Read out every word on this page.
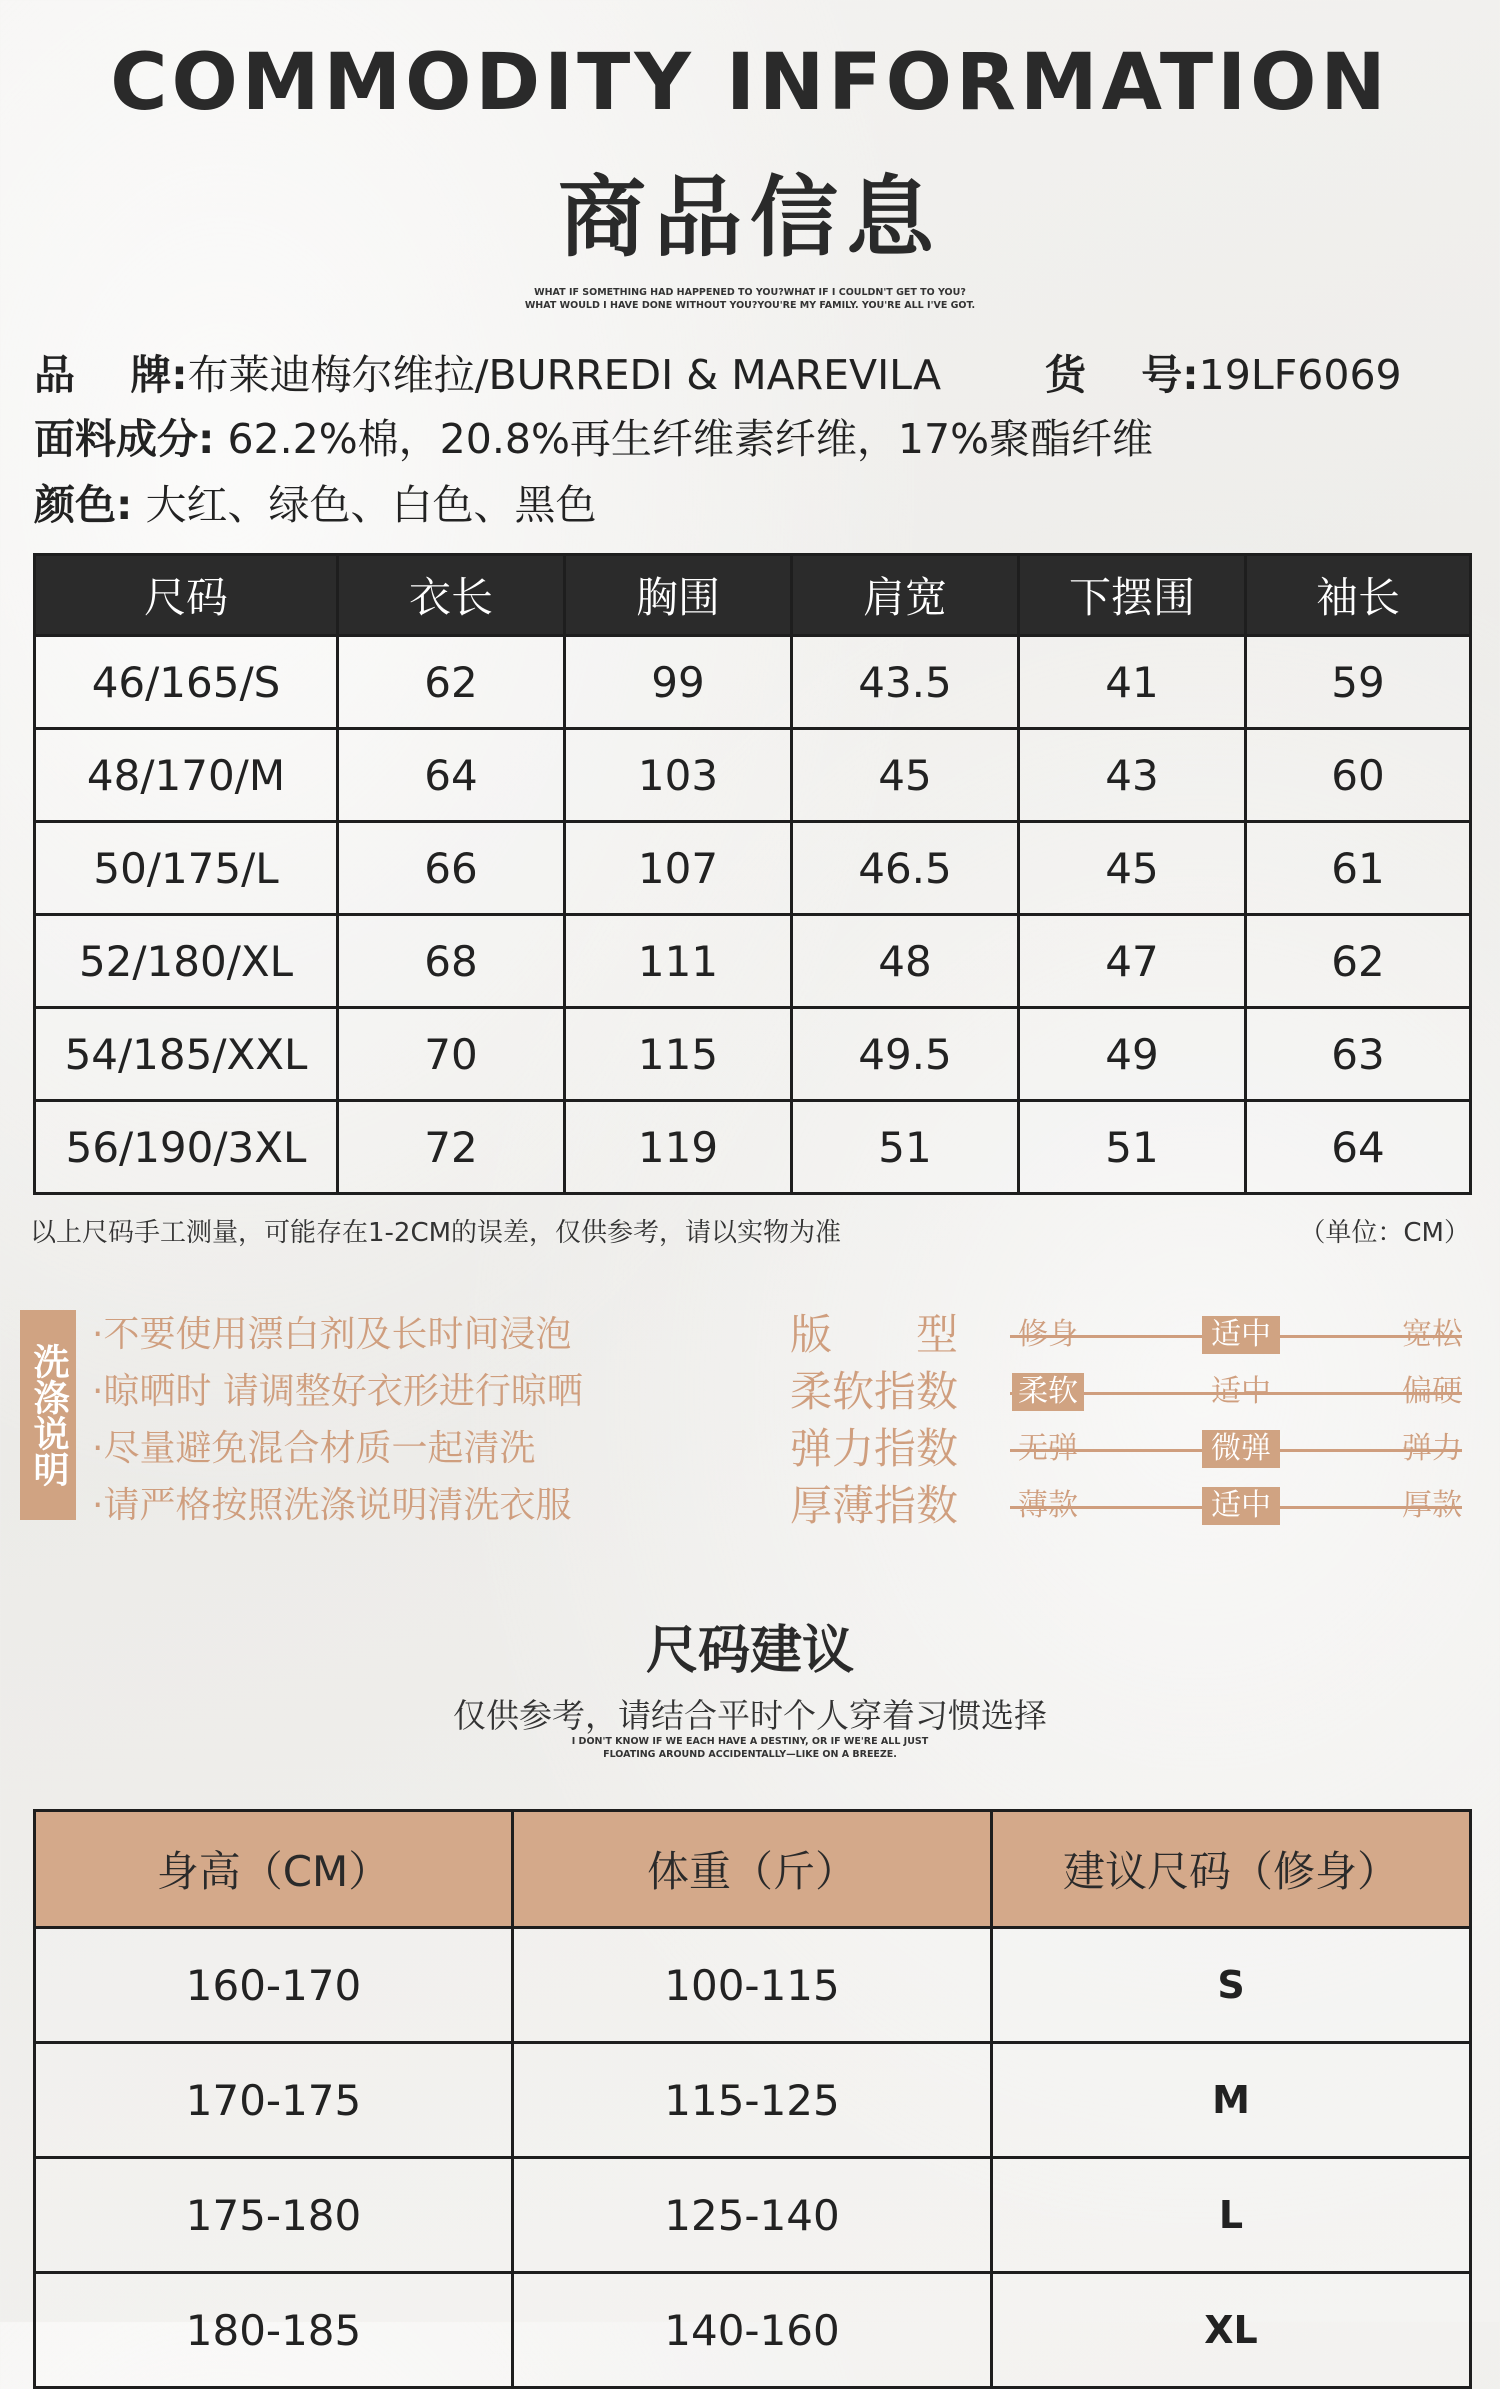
COMMODITY INFORMATION
商品信息
WHAT IF SOMETHING HAD HAPPENED TO YOU?WHAT IF I COULDN'T GET TO YOU?
WHAT WOULD I HAVE DONE WITHOUT YOU?YOU'RE MY FAMILY. YOU'RE ALL I'VE GOT.
品　 牌:布莱迪梅尔维拉/BURREDI & MAREVILA	货　 号:19LF6069
面料成分: 62.2%棉，20.8%再生纤维素纤维，17%聚酯纤维
颜色: 大红、绿色、白色、黑色
尺码	衣长	胸围	肩宽	下摆围	袖长
46/165/S	62	99	43.5	41	59
48/170/M	64	103	45	43	60
50/175/L	66	107	46.5	45	61
52/180/XL	68	111	48	47	62
54/185/XXL	70	115	49.5	49	63
56/190/3XL	72	119	51	51	64
以上尺码手工测量，可能存在1-2CM的误差，仅供参考，请以实物为准	（单位：CM）
洗涤说明
·不要使用漂白剂及长时间浸泡
·晾晒时 请调整好衣形进行晾晒
·尽量避免混合材质一起清洗
·请严格按照洗涤说明清洗衣服
版　　型 修身	适中	宽松
柔软指数 柔软	适中	偏硬
弹力指数 无弹	微弹	弹力
厚薄指数 薄款	适中	厚款
尺码建议
仅供参考，请结合平时个人穿着习惯选择
I DON'T KNOW IF WE EACH HAVE A DESTINY, OR IF WE'RE ALL JUST
FLOATING AROUND ACCIDENTALLY—LIKE ON A BREEZE.
身高（CM）	体重（斤）	建议尺码（修身）
160-170	100-115	S
170-175	115-125	M
175-180	125-140	L
180-185	140-160	XL
